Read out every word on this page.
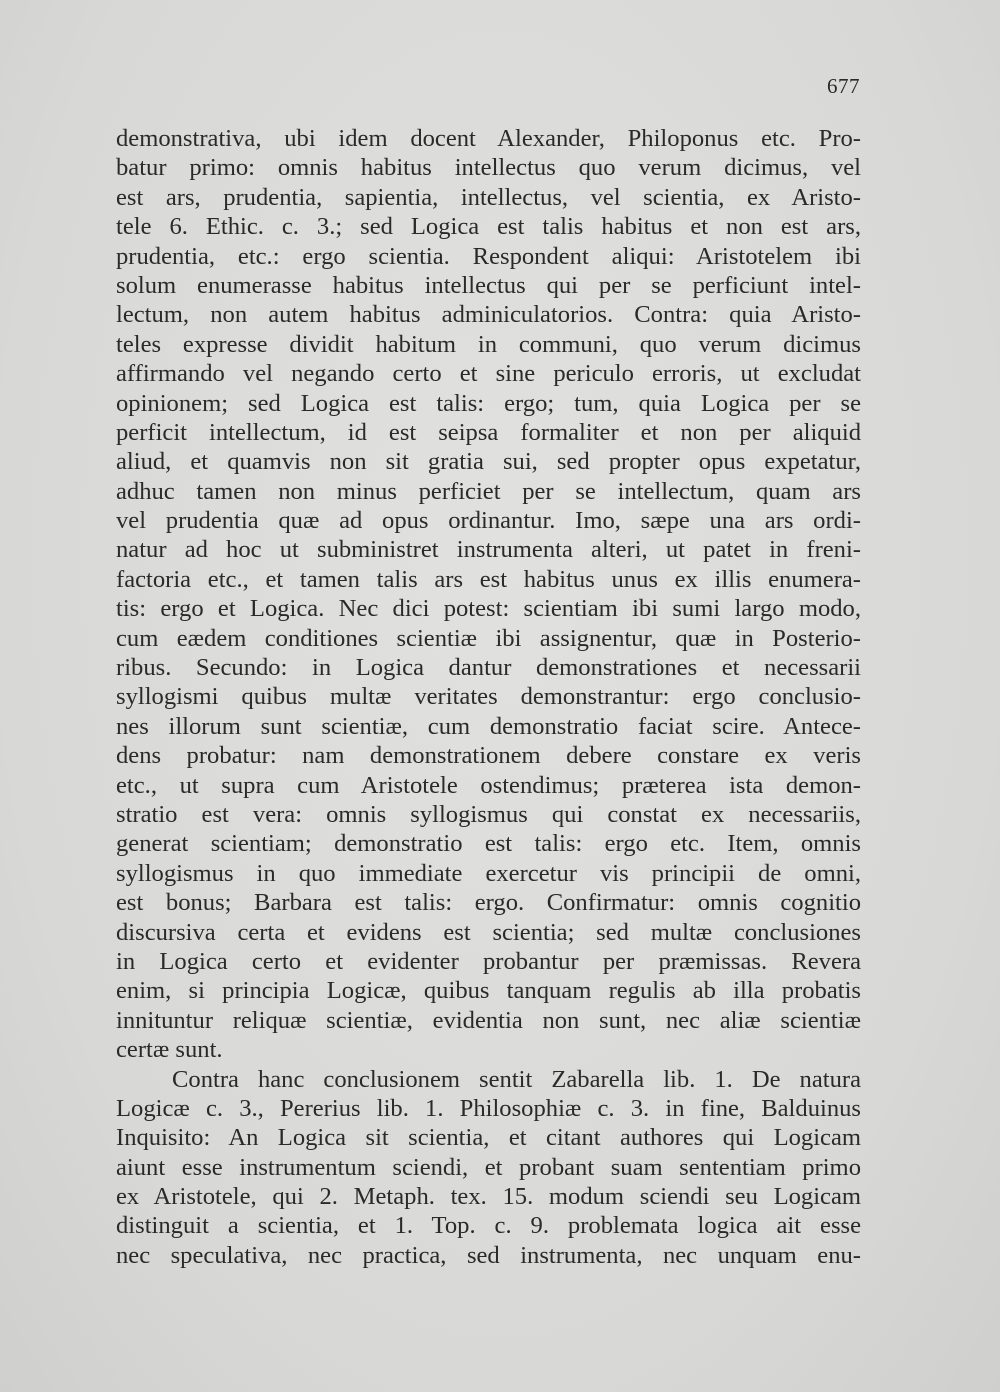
677
demonstrativa, ubi idem docent Alexander, Philoponus etc. Pro-
batur primo: omnis habitus intellectus quo verum dicimus, vel
est ars, prudentia, sapientia, intellectus, vel scientia, ex Aristo-
tele 6. Ethic. c. 3.; sed Logica est talis habitus et non est ars,
prudentia, etc.: ergo scientia. Respondent aliqui: Aristotelem ibi
solum enumerasse habitus intellectus qui per se perficiunt intel-
lectum, non autem habitus adminiculatorios. Contra: quia Aristo-
teles expresse dividit habitum in communi, quo verum dicimus
affirmando vel negando certo et sine periculo erroris, ut excludat
opinionem; sed Logica est talis: ergo; tum, quia Logica per se
perficit intellectum, id est seipsa formaliter et non per aliquid
aliud, et quamvis non sit gratia sui, sed propter opus expetatur,
adhuc tamen non minus perficiet per se intellectum, quam ars
vel prudentia quæ ad opus ordinantur. Imo, sæpe una ars ordi-
natur ad hoc ut subministret instrumenta alteri, ut patet in freni-
factoria etc., et tamen talis ars est habitus unus ex illis enumera-
tis: ergo et Logica. Nec dici potest: scientiam ibi sumi largo modo,
cum eædem conditiones scientiæ ibi assignentur, quæ in Posterio-
ribus. Secundo: in Logica dantur demonstrationes et necessarii
syllogismi quibus multæ veritates demonstrantur: ergo conclusio-
nes illorum sunt scientiæ, cum demonstratio faciat scire. Antece-
dens probatur: nam demonstrationem debere constare ex veris
etc., ut supra cum Aristotele ostendimus; præterea ista demon-
stratio est vera: omnis syllogismus qui constat ex necessariis,
generat scientiam; demonstratio est talis: ergo etc. Item, omnis
syllogismus in quo immediate exercetur vis principii de omni,
est bonus; Barbara est talis: ergo. Confirmatur: omnis cognitio
discursiva certa et evidens est scientia; sed multæ conclusiones
in Logica certo et evidenter probantur per præmissas. Revera
enim, si principia Logicæ, quibus tanquam regulis ab illa probatis
innituntur reliquæ scientiæ, evidentia non sunt, nec aliæ scientiæ
certæ sunt.
Contra hanc conclusionem sentit Zabarella lib. 1. De natura
Logicæ c. 3., Pererius lib. 1. Philosophiæ c. 3. in fine, Balduinus
Inquisito: An Logica sit scientia, et citant authores qui Logicam
aiunt esse instrumentum sciendi, et probant suam sententiam primo
ex Aristotele, qui 2. Metaph. tex. 15. modum sciendi seu Logicam
distinguit a scientia, et 1. Top. c. 9. problemata logica ait esse
nec speculativa, nec practica, sed instrumenta, nec unquam enu-
